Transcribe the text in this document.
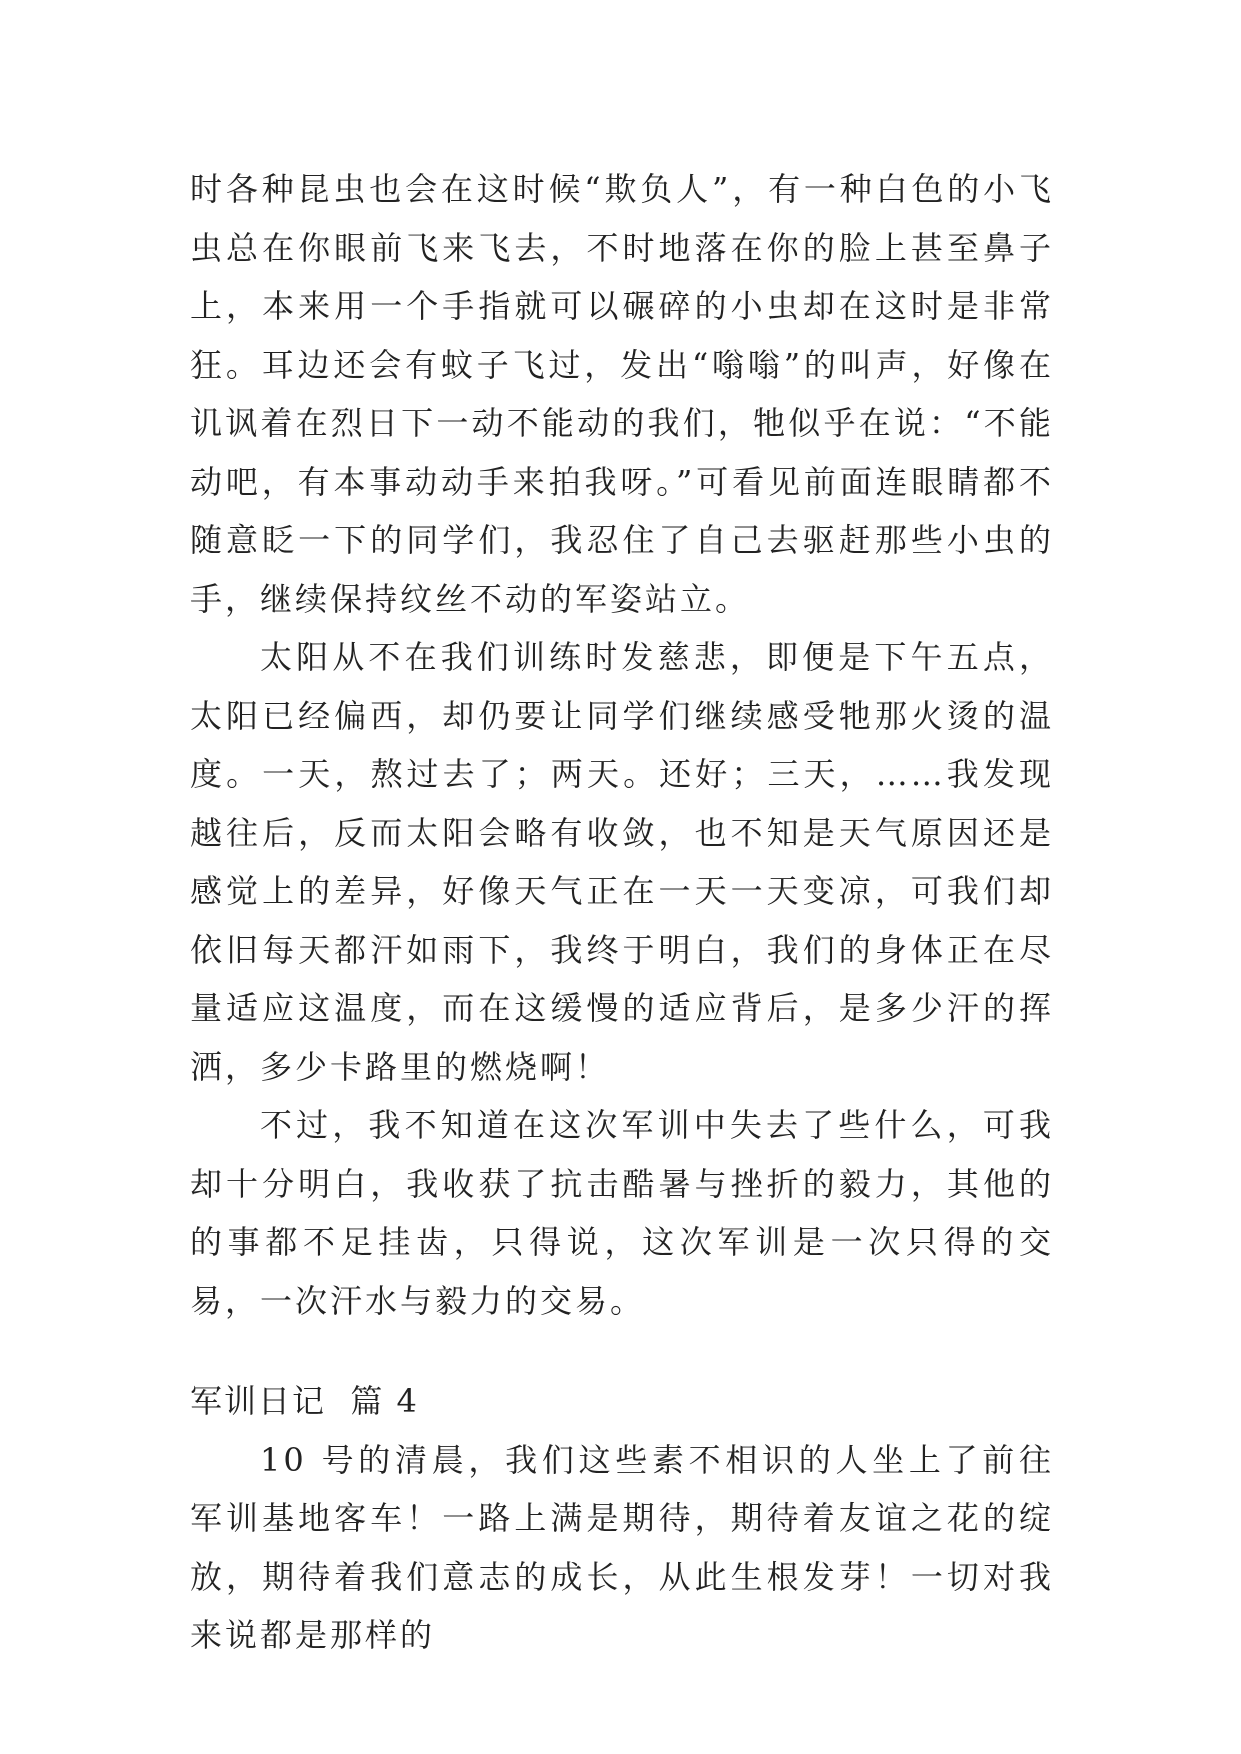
时各种昆虫也会在这时候“欺负人”，有一种白色的小飞虫总在你眼前飞来飞去，不时地落在你的脸上甚至鼻子上，本来用一个手指就可以碾碎的小虫却在这时是非常狂。耳边还会有蚊子飞过，发出“嗡嗡”的叫声，好像在讥讽着在烈日下一动不能动的我们，牠似乎在说：“不能动吧，有本事动动手来拍我呀。”可看见前面连眼睛都不随意眨一下的同学们，我忍住了自己去驱赶那些小虫的手，继续保持纹丝不动的军姿站立。

太阳从不在我们训练时发慈悲，即便是下午五点，太阳已经偏西，却仍要让同学们继续感受牠那火烫的温度。一天，熬过去了；两天。还好；三天，……我发现越往后，反而太阳会略有收敛，也不知是天气原因还是感觉上的差异，好像天气正在一天一天变凉，可我们却依旧每天都汗如雨下，我终于明白，我们的身体正在尽量适应这温度，而在这缓慢的适应背后，是多少汗的挥洒，多少卡路里的燃烧啊！

不过，我不知道在这次军训中失去了些什么，可我却十分明白，我收获了抗击酷暑与挫折的毅力，其他的的事都不足挂齿，只得说，这次军训是一次只得的交易，一次汗水与毅力的交易。

军训日记  篇 4

10 号的清晨，我们这些素不相识的人坐上了前往军训基地客车！一路上满是期待，期待着友谊之花的绽放，期待着我们意志的成长，从此生根发芽！一切对我来说都是那样的
